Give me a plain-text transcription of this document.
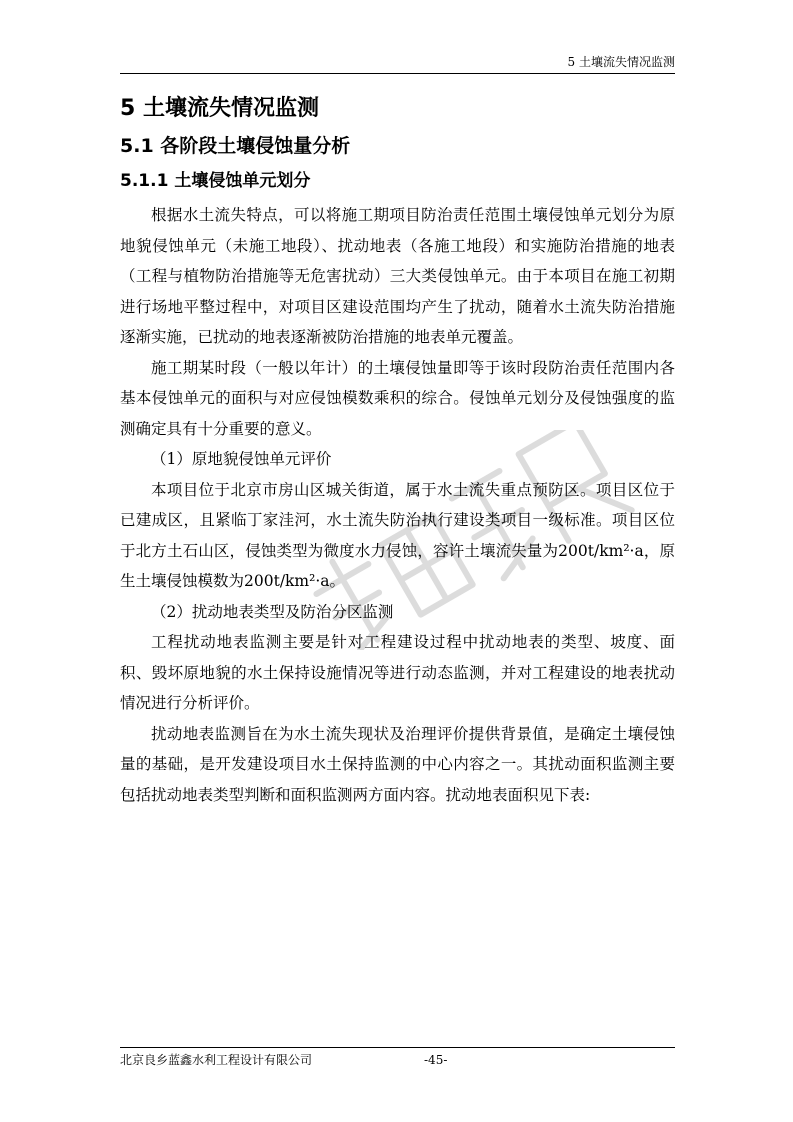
5 土壤流失情况监测
5 土壤流失情况监测
5.1 各阶段土壤侵蚀量分析
5.1.1 土壤侵蚀单元划分

根据水土流失特点，可以将施工期项目防治责任范围土壤侵蚀单元划分为原地貌侵蚀单元（未施工地段）、扰动地表（各施工地段）和实施防治措施的地表（工程与植物防治措施等无危害扰动）三大类侵蚀单元。由于本项目在施工初期进行场地平整过程中，对项目区建设范围均产生了扰动，随着水土流失防治措施逐渐实施，已扰动的地表逐渐被防治措施的地表单元覆盖。

施工期某时段（一般以年计）的土壤侵蚀量即等于该时段防治责任范围内各基本侵蚀单元的面积与对应侵蚀模数乘积的综合。侵蚀单元划分及侵蚀强度的监测确定具有十分重要的意义。

（1）原地貌侵蚀单元评价

本项目位于北京市房山区城关街道，属于水土流失重点预防区。项目区位于已建成区，且紧临丁家洼河，水土流失防治执行建设类项目一级标准。项目区位于北方土石山区，侵蚀类型为微度水力侵蚀，容许土壤流失量为200t/km²·a，原生土壤侵蚀模数为200t/km²·a。

（2）扰动地表类型及防治分区监测

工程扰动地表监测主要是针对工程建设过程中扰动地表的类型、坡度、面积、毁坏原地貌的水土保持设施情况等进行动态监测，并对工程建设的地表扰动情况进行分析评价。

扰动地表监测旨在为水土流失现状及治理评价提供背景值，是确定土壤侵蚀量的基础，是开发建设项目水土保持监测的中心内容之一。其扰动面积监测主要包括扰动地表类型判断和面积监测两方面内容。扰动地表面积见下表:

北京良乡蓝鑫水利工程设计有限公司	-45-
